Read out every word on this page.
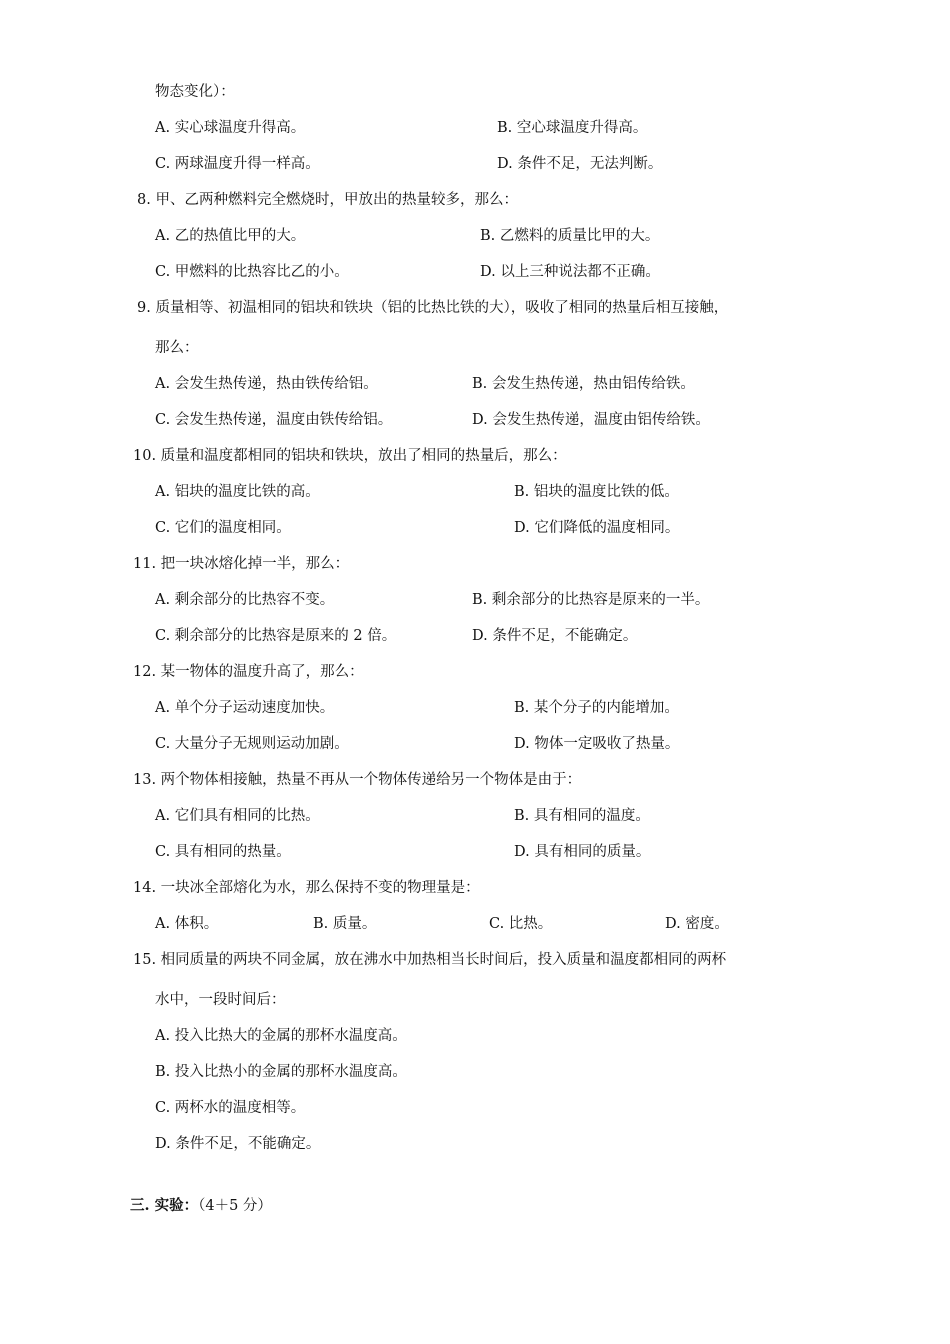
物态变化）：
A. 实心球温度升得高。	B. 空心球温度升得高。
C. 两球温度升得一样高。	D. 条件不足，无法判断。
8. 甲、乙两种燃料完全燃烧时，甲放出的热量较多，那么：
A. 乙的热值比甲的大。	B. 乙燃料的质量比甲的大。
C. 甲燃料的比热容比乙的小。	D. 以上三种说法都不正确。
9. 质量相等、初温相同的铝块和铁块（铝的比热比铁的大），吸收了相同的热量后相互接触，
那么：
A. 会发生热传递，热由铁传给铝。	B. 会发生热传递，热由铝传给铁。
C. 会发生热传递，温度由铁传给铝。	D. 会发生热传递，温度由铝传给铁。
10. 质量和温度都相同的铝块和铁块，放出了相同的热量后，那么：
A. 铝块的温度比铁的高。	B. 铝块的温度比铁的低。
C. 它们的温度相同。	D. 它们降低的温度相同。
11. 把一块冰熔化掉一半，那么：
A. 剩余部分的比热容不变。	B. 剩余部分的比热容是原来的一半。
C. 剩余部分的比热容是原来的 2 倍。	D. 条件不足，不能确定。
12. 某一物体的温度升高了，那么：
A. 单个分子运动速度加快。	B. 某个分子的内能增加。
C. 大量分子无规则运动加剧。	D. 物体一定吸收了热量。
13. 两个物体相接触，热量不再从一个物体传递给另一个物体是由于：
A. 它们具有相同的比热。	B. 具有相同的温度。
C. 具有相同的热量。	D. 具有相同的质量。
14. 一块冰全部熔化为水，那么保持不变的物理量是：
A. 体积。	B. 质量。	C. 比热。	D. 密度。
15. 相同质量的两块不同金属，放在沸水中加热相当长时间后，投入质量和温度都相同的两杯
水中，一段时间后：
A. 投入比热大的金属的那杯水温度高。
B. 投入比热小的金属的那杯水温度高。
C. 两杯水的温度相等。
D. 条件不足，不能确定。
三. 实验：（4＋5 分）
